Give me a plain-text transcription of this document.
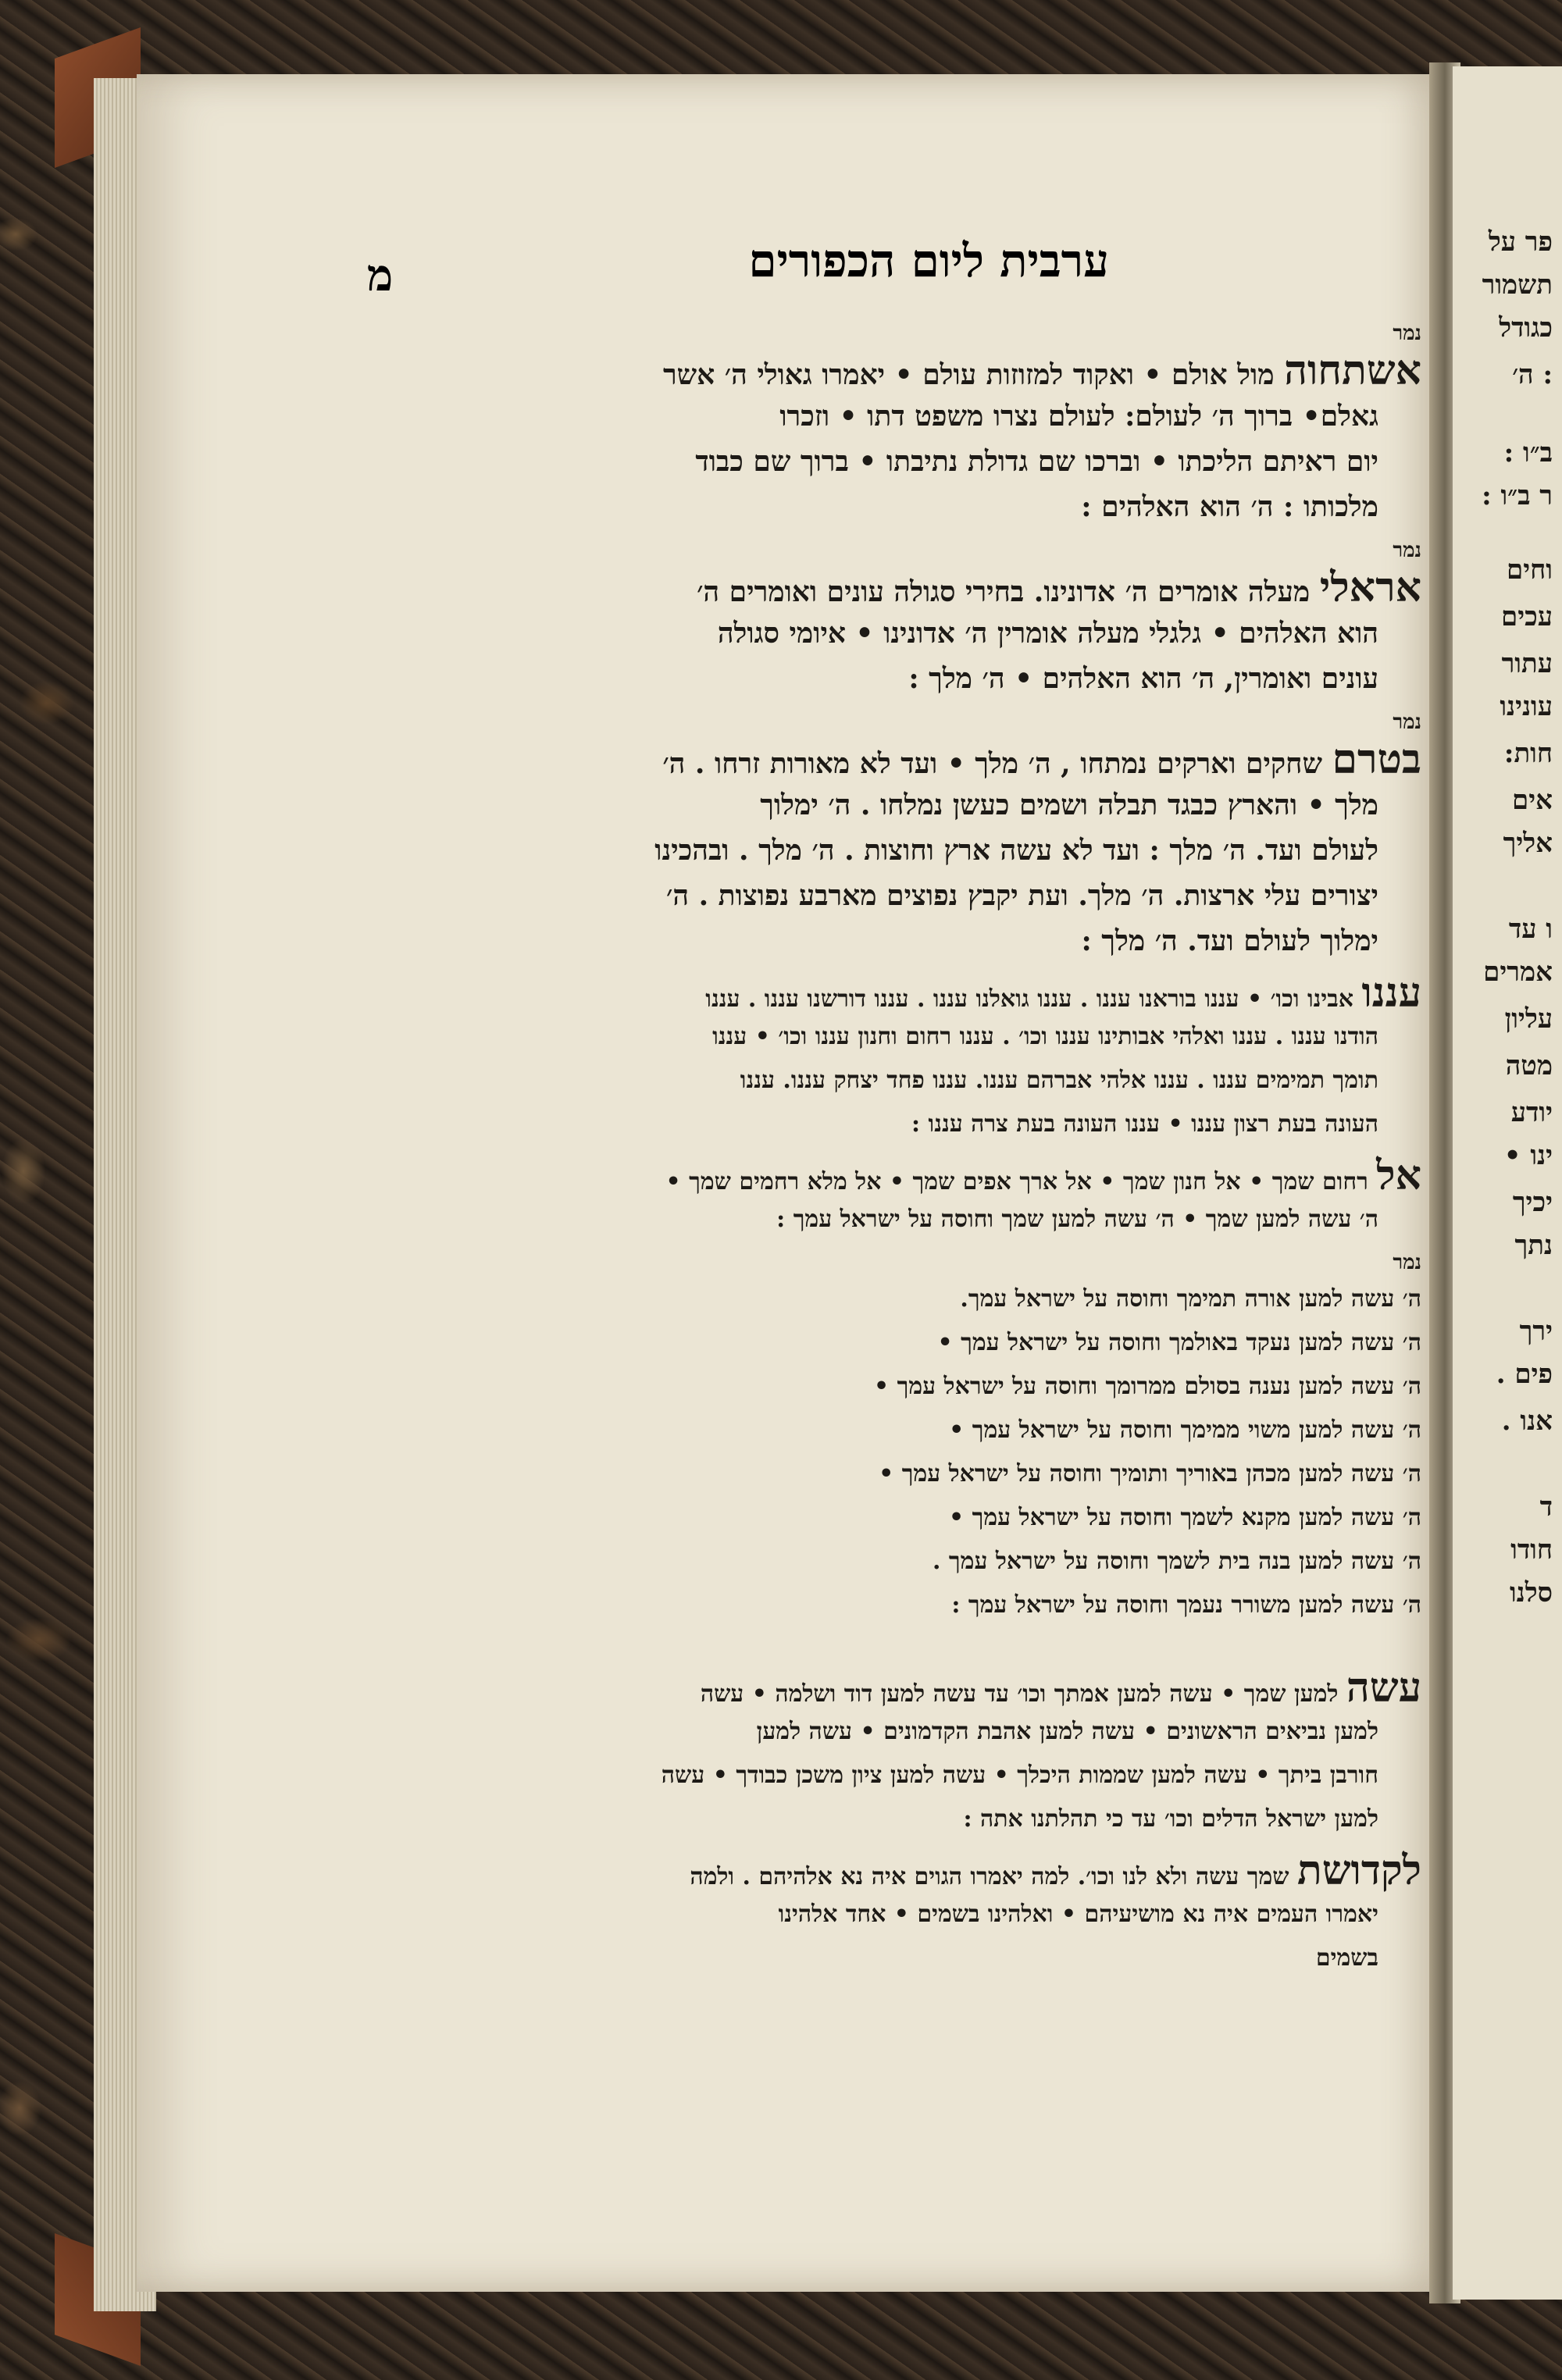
פר על
תשמור
כגודל
: ה׳
ב״ו :
ר ב״ו :
וחים
עכים
עתור
עונינו
חות:
אים
אליך
ו עד
אמרים
עליון
מטה
יודע
ינו •
יכיך
נתך
ירך
פים .
אנו .
ד
חודו
סלנו
ערבית ליום הכפורים
מ
נמר
אשתחוה מול אולם • ואקוד למזוזות עולם • יאמרו גאולי ה׳ אשר
גאלם• ברוך ה׳ לעולם: לעולם נצרו משפט דתו • וזכרו
יום ראיתם הליכתו • וברכו שם גדולת נתיבתו • ברוך שם כבוד
מלכותו : ה׳ הוא האלהים :
נמר
אראלי מעלה אומרים ה׳ אדונינו. בחירי סגולה עונים ואומרים ה׳
הוא האלהים • גלגלי מעלה אומרין ה׳ אדונינו • איומי סגולה
עונים ואומרין, ה׳ הוא האלהים • ה׳ מלך :
נמר
בטרם שחקים וארקים נמתחו , ה׳ מלך • ועד לא מאורות זרחו . ה׳
מלך • והארץ כבגד תבלה ושמים כעשן נמלחו . ה׳ ימלוך
לעולם ועד. ה׳ מלך : ועד לא עשה ארץ וחוצות . ה׳ מלך . ובהכינו
יצורים עלי ארצות. ה׳ מלך. ועת יקבץ נפוצים מארבע נפוצות . ה׳
ימלוך לעולם ועד. ה׳ מלך :
עננו אבינו וכו׳ • עננו בוראנו עננו . עננו גואלנו עננו . עננו דורשנו עננו . עננו
הודנו עננו . עננו ואלהי אבותינו עננו וכו׳ . עננו רחום וחנון עננו וכו׳ • עננו
תומך תמימים עננו . עננו אלהי אברהם עננו. עננו פחד יצחק עננו. עננו
העונה בעת רצון עננו • עננו העונה בעת צרה עננו :
אל רחום שמך • אל חנון שמך • אל ארך אפים שמך • אל מלא רחמים שמך •
ה׳ עשה למען שמך • ה׳ עשה למען שמך וחוסה על ישראל עמך :
נמר
ה׳ עשה למען אורה תמימך וחוסה על ישראל עמך.
ה׳ עשה למען נעקד באולמך וחוסה על ישראל עמך •
ה׳ עשה למען נענה בסולם ממרומך וחוסה על ישראל עמך •
ה׳ עשה למען משוי ממימך וחוסה על ישראל עמך •
ה׳ עשה למען מכהן באוריך ותומיך וחוסה על ישראל עמך •
ה׳ עשה למען מקנא לשמך וחוסה על ישראל עמך •
ה׳ עשה למען בנה בית לשמך וחוסה על ישראל עמך .
ה׳ עשה למען משורר נעמך וחוסה על ישראל עמך :
עשה למען שמך • עשה למען אמתך וכו׳ עד עשה למען דוד ושלמה • עשה
למען נביאים הראשונים • עשה למען אהבת הקדמונים • עשה למען
חורבן ביתך • עשה למען שממות היכלך • עשה למען ציון משכן כבודך • עשה
למען ישראל הדלים וכו׳ עד כי תהלתנו אתה :
לקדושת שמך עשה ולא לנו וכו׳. למה יאמרו הגוים איה נא אלהיהם . ולמה
יאמרו העמים איה נא מושיעיהם • ואלהינו בשמים • אחד אלהינו
בשמים
